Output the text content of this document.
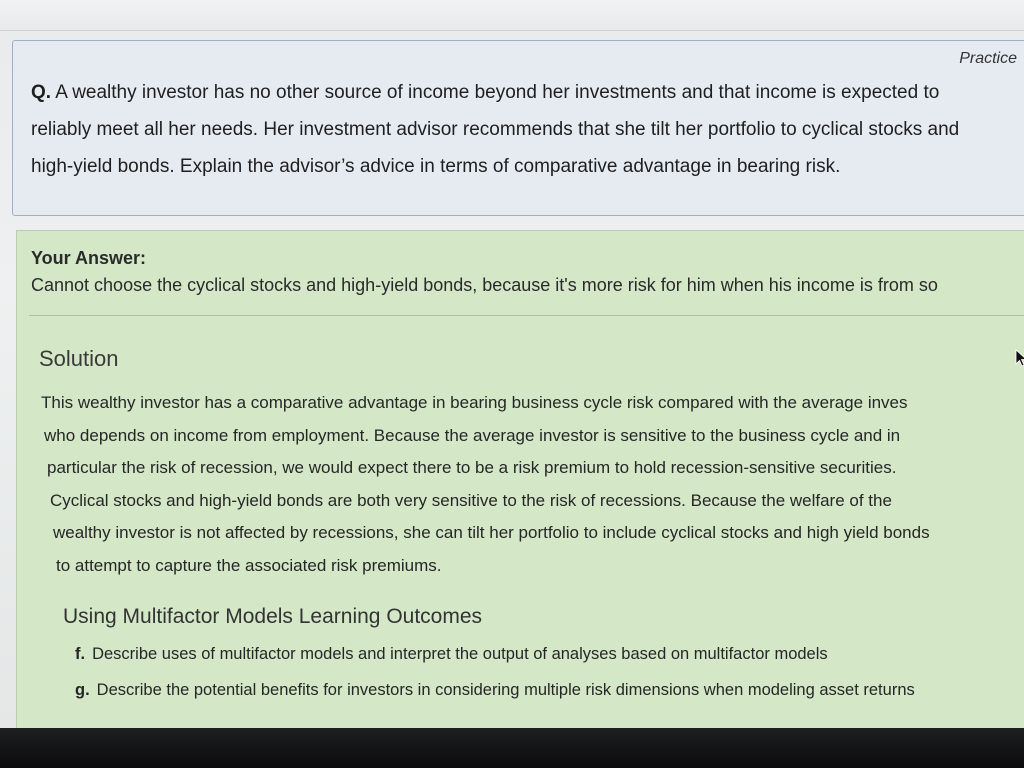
Practice
Q. A wealthy investor has no other source of income beyond her investments and that income is expected to
reliably meet all her needs. Her investment advisor recommends that she tilt her portfolio to cyclical stocks and
high-yield bonds. Explain the advisor’s advice in terms of comparative advantage in bearing risk.
Your Answer:
Cannot choose the cyclical stocks and high-yield bonds, because it's more risk for him when his income is from so
Solution
This wealthy investor has a comparative advantage in bearing business cycle risk compared with the average inves
who depends on income from employment. Because the average investor is sensitive to the business cycle and in
particular the risk of recession, we would expect there to be a risk premium to hold recession-sensitive securities.
Cyclical stocks and high-yield bonds are both very sensitive to the risk of recessions. Because the welfare of the
wealthy investor is not affected by recessions, she can tilt her portfolio to include cyclical stocks and high yield bonds
to attempt to capture the associated risk premiums.
Using Multifactor Models Learning Outcomes
f. Describe uses of multifactor models and interpret the output of analyses based on multifactor models
g. Describe the potential benefits for investors in considering multiple risk dimensions when modeling asset returns
